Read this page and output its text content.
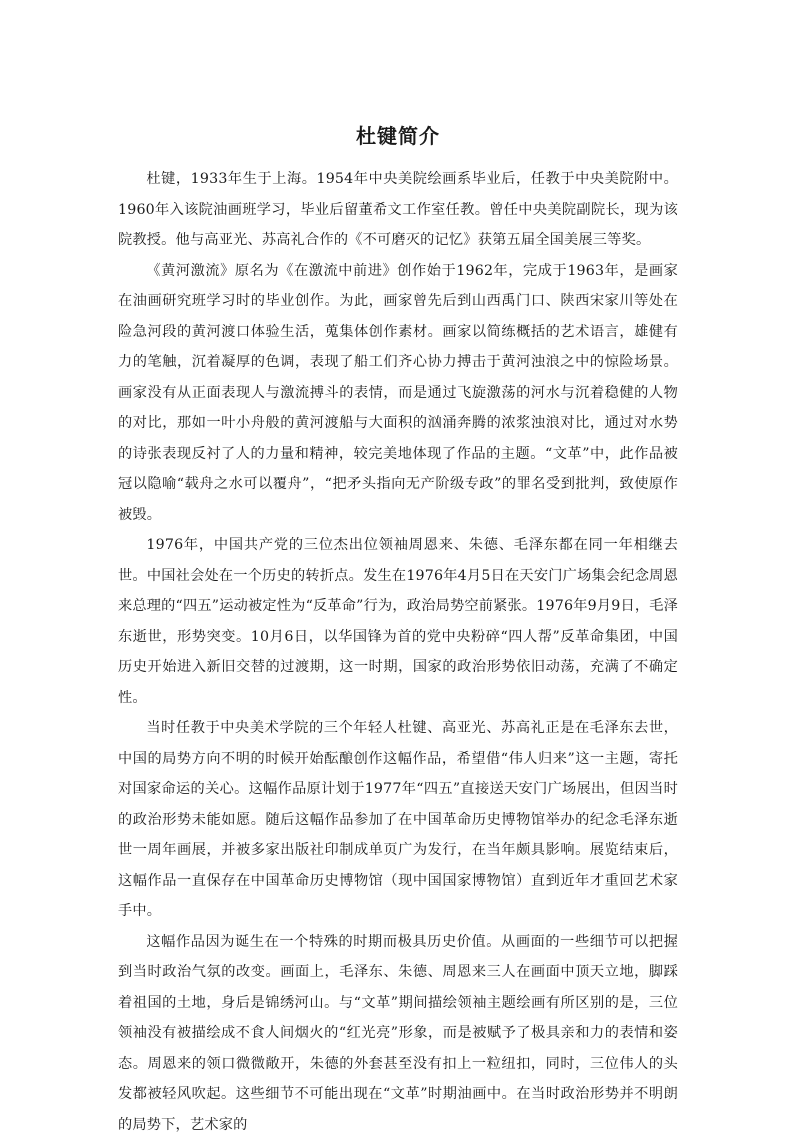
杜键简介

杜键，1933年生于上海。1954年中央美院绘画系毕业后，任教于中央美院附中。1960年入该院油画班学习，毕业后留董希文工作室任教。曾任中央美院副院长，现为该院教授。他与高亚光、苏高礼合作的《不可磨灭的记忆》获第五届全国美展三等奖。

《黄河激流》原名为《在激流中前进》创作始于1962年，完成于1963年，是画家在油画研究班学习时的毕业创作。为此，画家曾先后到山西禹门口、陕西宋家川等处在险急河段的黄河渡口体验生活，蒐集体创作素材。画家以简练概括的艺术语言，雄健有力的笔触，沉着凝厚的色调，表现了船工们齐心协力搏击于黄河浊浪之中的惊险场景。画家没有从正面表现人与激流搏斗的表情，而是通过飞旋激荡的河水与沉着稳健的人物的对比，那如一叶小舟般的黄河渡船与大面积的汹涌奔腾的浓浆浊浪对比，通过对水势的诗张表现反衬了人的力量和精神，较完美地体现了作品的主题。“文革”中，此作品被冠以隐喻“载舟之水可以覆舟”，“把矛头指向无产阶级专政”的罪名受到批判，致使原作被毁。

1976年，中国共产党的三位杰出位领袖周恩来、朱德、毛泽东都在同一年相继去世。中国社会处在一个历史的转折点。发生在1976年4月5日在天安门广场集会纪念周恩来总理的“四五”运动被定性为“反革命”行为，政治局势空前紧张。1976年9月9日，毛泽东逝世，形势突变。10月6日，以华国锋为首的党中央粉碎“四人帮”反革命集团，中国历史开始进入新旧交替的过渡期，这一时期，国家的政治形势依旧动荡，充满了不确定性。

当时任教于中央美术学院的三个年轻人杜键、高亚光、苏高礼正是在毛泽东去世，中国的局势方向不明的时候开始酝酿创作这幅作品，希望借“伟人归来”这一主题，寄托对国家命运的关心。这幅作品原计划于1977年“四五”直接送天安门广场展出，但因当时的政治形势未能如愿。随后这幅作品参加了在中国革命历史博物馆举办的纪念毛泽东逝世一周年画展，并被多家出版社印制成单页广为发行，在当年颇具影响。展览结束后，这幅作品一直保存在中国革命历史博物馆（现中国国家博物馆）直到近年才重回艺术家手中。

这幅作品因为诞生在一个特殊的时期而极具历史价值。从画面的一些细节可以把握到当时政治气氛的改变。画面上，毛泽东、朱德、周恩来三人在画面中顶天立地，脚踩着祖国的土地，身后是锦绣河山。与“文革”期间描绘领袖主题绘画有所区别的是，三位领袖没有被描绘成不食人间烟火的“红光亮”形象，而是被赋予了极具亲和力的表情和姿态。周恩来的领口微微敞开，朱德的外套甚至没有扣上一粒纽扣，同时，三位伟人的头发都被轻风吹起。这些细节不可能出现在“文革”时期油画中。在当时政治形势并不明朗的局势下，艺术家的
